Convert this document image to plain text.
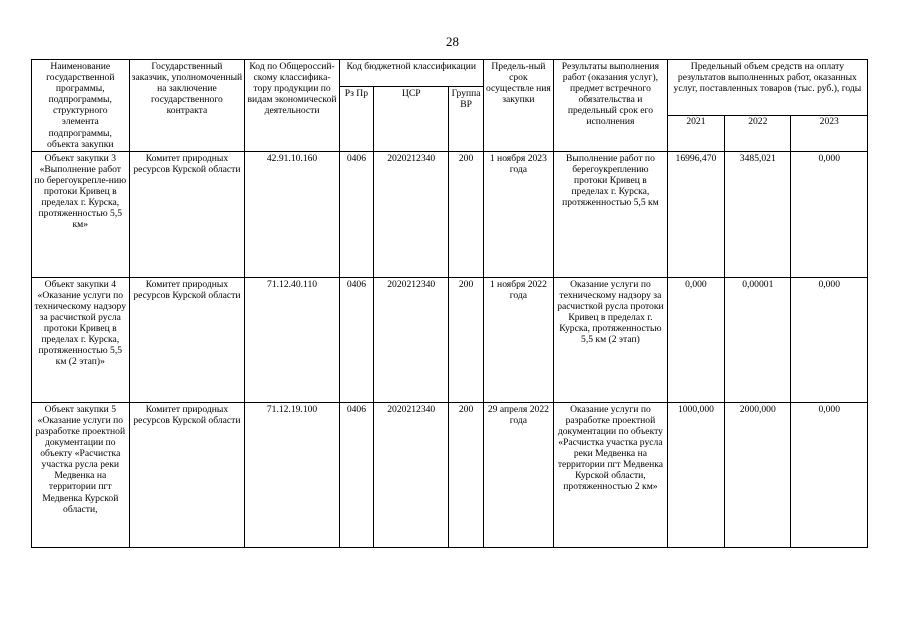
28
Наименование государственной программы, подпрограммы, структурного элемента подпрограммы, объекта закупки	Государственный заказчик, уполномоченный на заключение государственного контракта	Код по Общероссий-скому классифика-тору продукции по видам экономической деятельности	Код бюджетной классификации			Предель-ный срок осуществле ния закупки	Результаты выполнения работ (оказания услуг), предмет встречного обязательства и предельный срок его исполнения	Предельный объем средств на оплату результатов выполненных работ, оказанных услуг, поставленных товаров (тыс. руб.), годы		
			Рз Пр	ЦСР	Группа ВР					
								2021	2022	2023
Объект закупки 3 «Выполнение работ по берегоукрепле-нию протоки Кривец в пределах г. Курска, протяженностью 5,5 км»	Комитет природных ресурсов Курской области	42.91.10.160	0406	2020212340	200	1 ноября 2023 года	Выполнение работ по берегоукреплению протоки Кривец в пределах г. Курска, протяженностью 5,5 км	16996,470	3485,021	0,000
Объект закупки 4 «Оказание услуги по техническому надзору за расчисткой русла протоки Кривец в пределах г. Курска, протяженностью 5,5 км (2 этап)»	Комитет природных ресурсов Курской области	71.12.40.110	0406	2020212340	200	1 ноября 2022 года	Оказание услуги по техническому надзору за расчисткой русла протоки Кривец в пределах г. Курска, протяженностью 5,5 км (2 этап)	0,000	0,00001	0,000
Объект закупки 5 «Оказание услуги по разработке проектной документации по объекту «Расчистка участка русла реки Медвенка на территории пгт Медвенка Курской области,	Комитет природных ресурсов Курской области	71.12.19.100	0406	2020212340	200	29 апреля 2022 года	Оказание услуги по разработке проектной документации по объекту «Расчистка участка русла реки Медвенка на территории пгт Медвенка Курской области, протяженностью 2 км»	1000,000	2000,000	0,000
